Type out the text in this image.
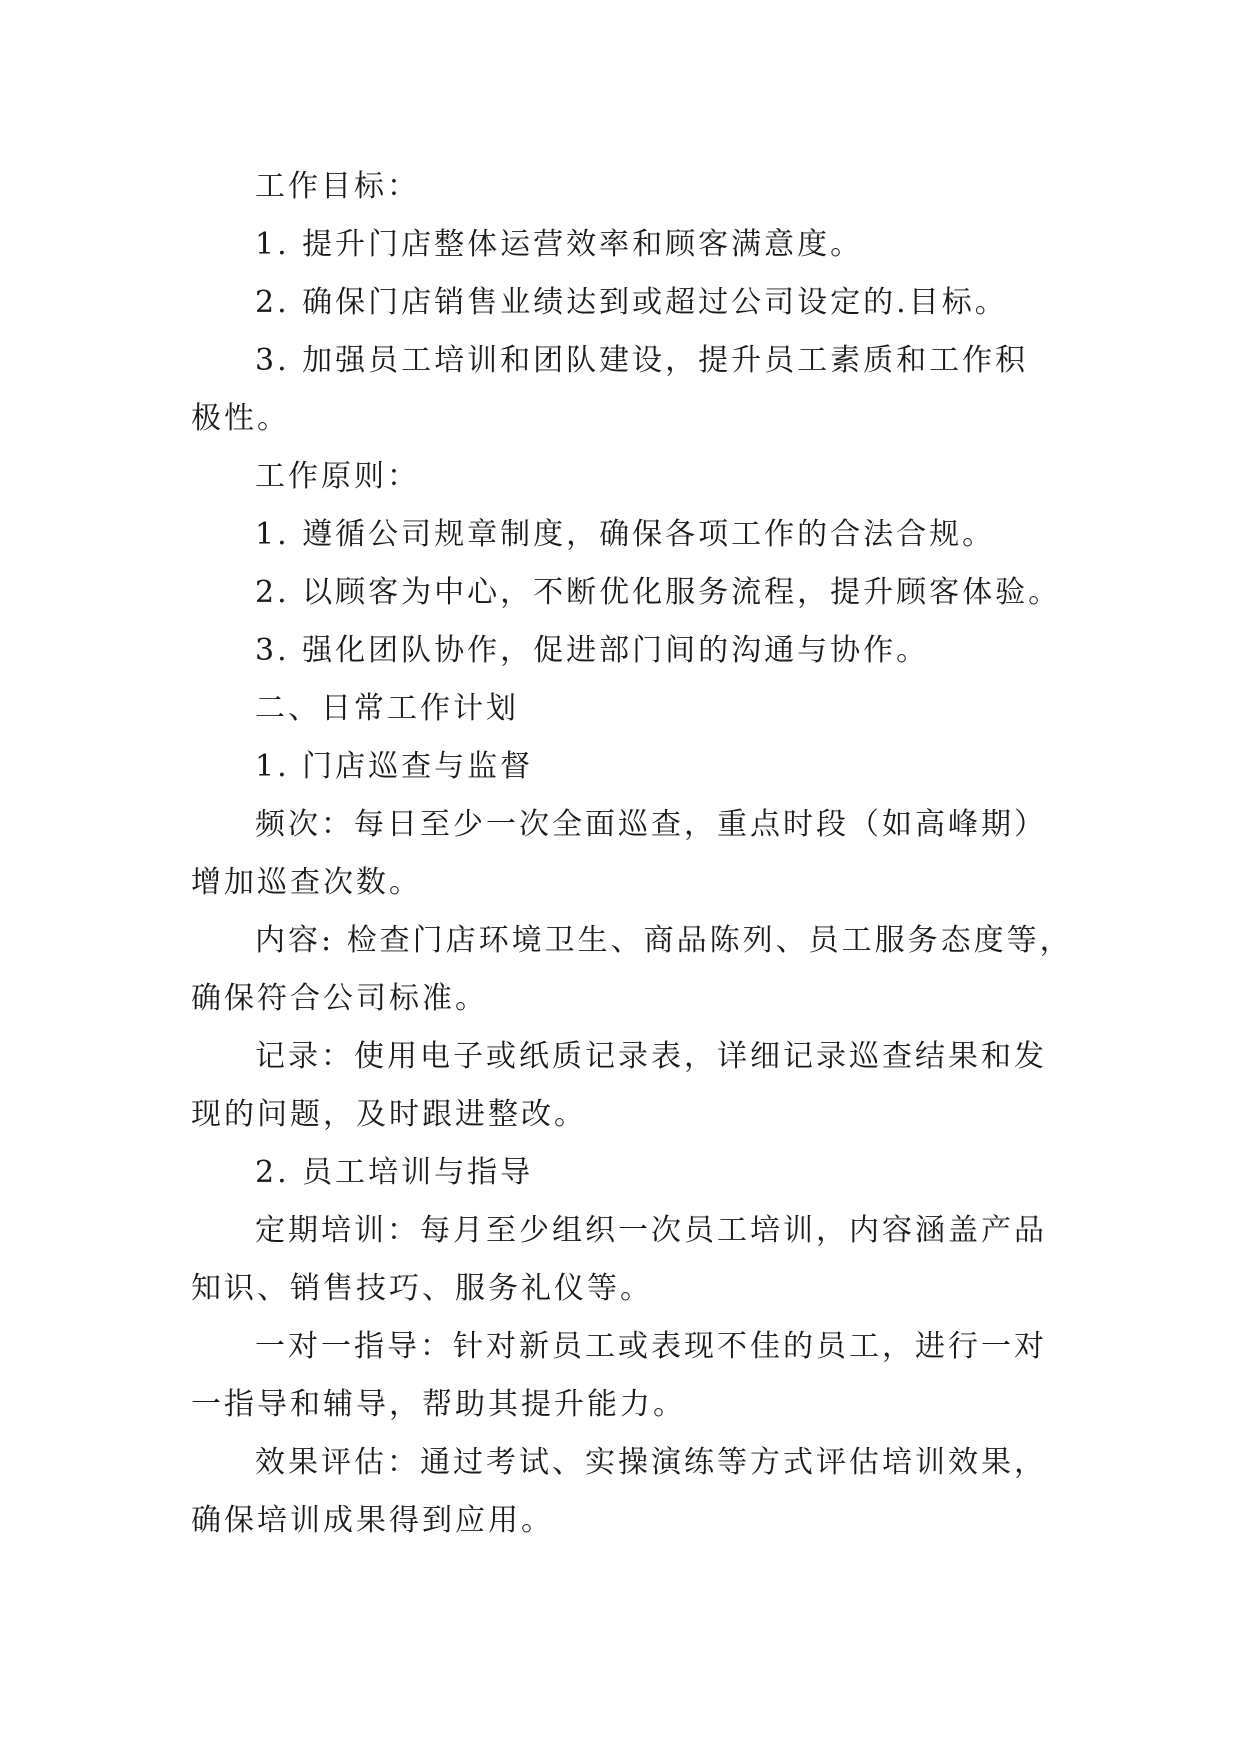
工作目标：

1. 提升门店整体运营效率和顾客满意度。

2. 确保门店销售业绩达到或超过公司设定的.目标。

3. 加强员工培训和团队建设，提升员工素质和工作积

极性。

工作原则：

1. 遵循公司规章制度，确保各项工作的合法合规。

2. 以顾客为中心，不断优化服务流程，提升顾客体验。

3. 强化团队协作，促进部门间的沟通与协作。

二、日常工作计划

1. 门店巡查与监督

频次：每日至少一次全面巡查，重点时段（如高峰期）

增加巡查次数。

内容: 检查门店环境卫生、商品陈列、员工服务态度等，

确保符合公司标准。

记录：使用电子或纸质记录表，详细记录巡查结果和发

现的问题，及时跟进整改。

2. 员工培训与指导

定期培训：每月至少组织一次员工培训，内容涵盖产品

知识、销售技巧、服务礼仪等。

一对一指导：针对新员工或表现不佳的员工，进行一对

一指导和辅导，帮助其提升能力。

效果评估：通过考试、实操演练等方式评估培训效果，

确保培训成果得到应用。
